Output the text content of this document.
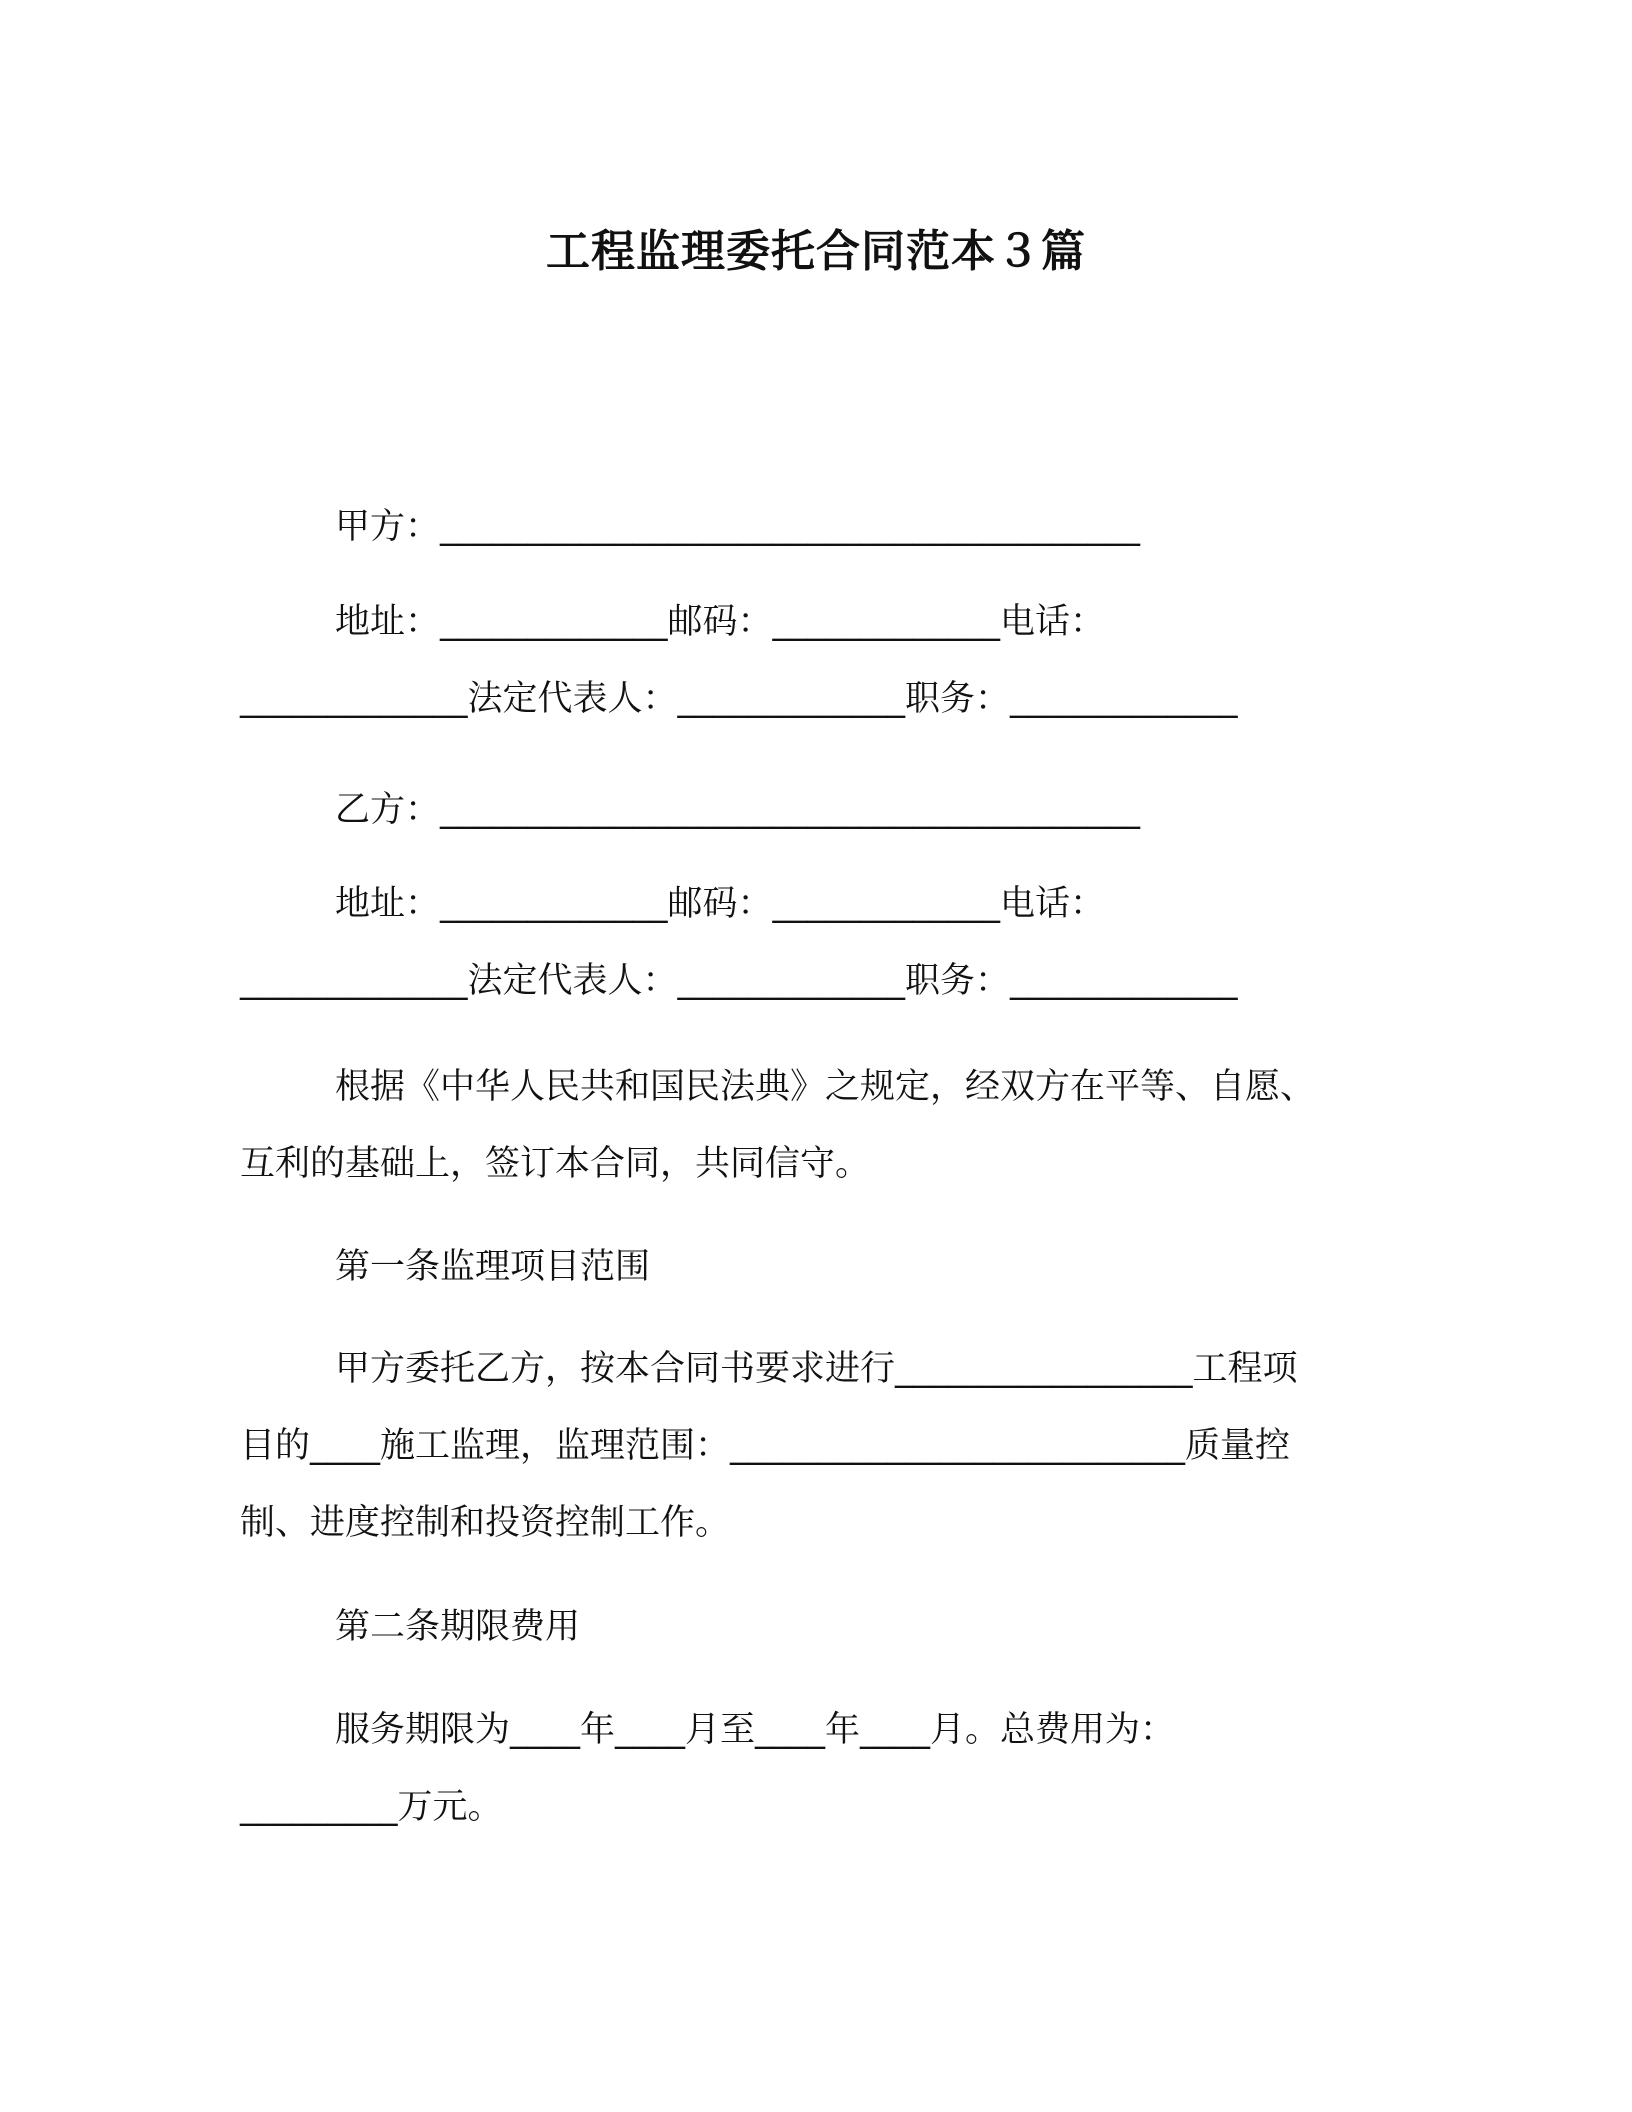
工程监理委托合同范本３篇
甲方：________________________________________
地址：_____________邮码：_____________电话：
_____________法定代表人：_____________职务：_____________
乙方：________________________________________
地址：_____________邮码：_____________电话：
_____________法定代表人：_____________职务：_____________
根据《中华人民共和国民法典》之规定，经双方在平等、自愿、
互利的基础上，签订本合同，共同信守。
第一条监理项目范围
甲方委托乙方，按本合同书要求进行_________________工程项
目的____施工监理，监理范围：__________________________质量控
制、进度控制和投资控制工作。
第二条期限费用
服务期限为____年____月至____年____月。总费用为：
_________万元。
